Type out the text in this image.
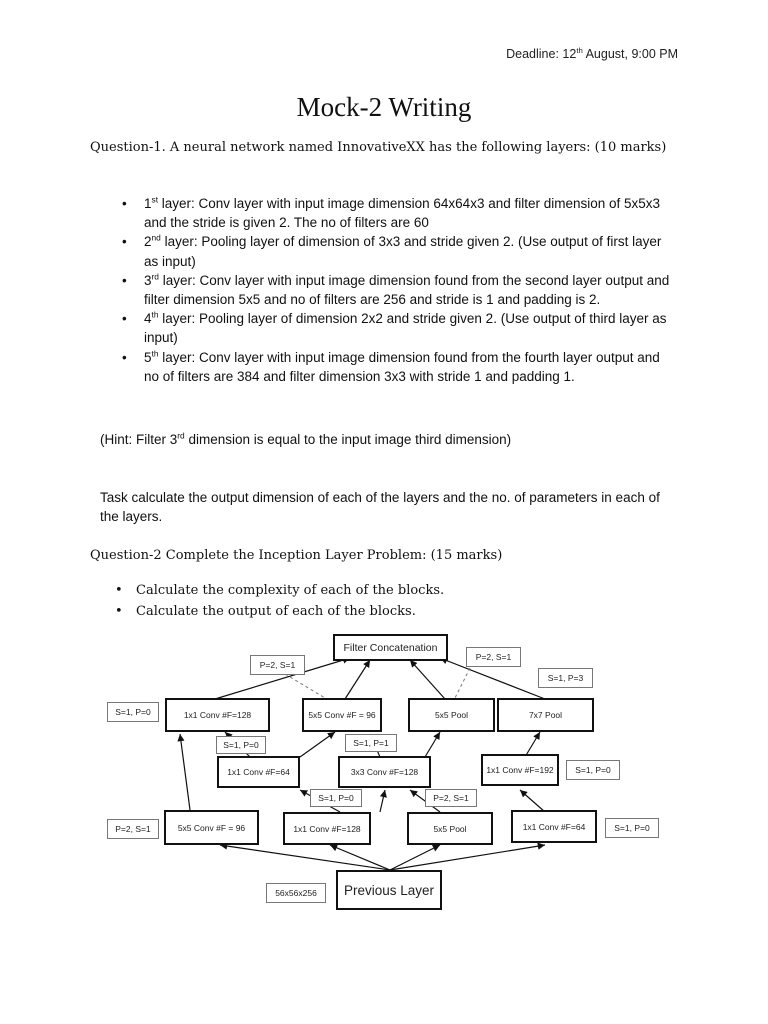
Deadline: 12th August, 9:00 PM
Mock-2 Writing
Question-1. A neural network named InnovativeXX has the following layers: (10 marks)
• 1st layer: Conv layer with input image dimension 64x64x3 and filter dimension of 5x5x3 and the stride is given 2. The no of filters are 60
• 2nd layer: Pooling layer of dimension of 3x3 and stride given 2. (Use output of first layer as input)
• 3rd layer: Conv layer with input image dimension found from the second layer output and filter dimension 5x5 and no of filters are 256 and stride is 1 and padding is 2.
• 4th layer: Pooling layer of dimension 2x2 and stride given 2. (Use output of third layer as input)
• 5th layer: Conv layer with input image dimension found from the fourth layer output and no of filters are 384 and filter dimension 3x3 with stride 1 and padding 1.
(Hint: Filter 3rd dimension is equal to the input image third dimension)
Task calculate the output dimension of each of the layers and the no. of parameters in each of the layers.
Question-2 Complete the Inception Layer Problem: (15 marks)
• Calculate the complexity of each of the blocks.
• Calculate the output of each of the blocks.
Filter Concatenation
P=2, S=1
P=2, S=1
S=1, P=3
S=1, P=0	1x1 Conv #F=128	5x5 Conv #F = 96	5x5 Pool	7x7 Pool
S=1, P=0	S=1, P=1
1x1 Conv #F=64	3x3 Conv #F=128	1x1 Conv #F=192	S=1, P=0
S=1, P=0	P=2, S=1
P=2, S=1	5x5 Conv #F = 96	1x1 Conv #F=128	5x5 Pool	1x1 Conv #F=64	S=1, P=0
56x56x256	Previous Layer
